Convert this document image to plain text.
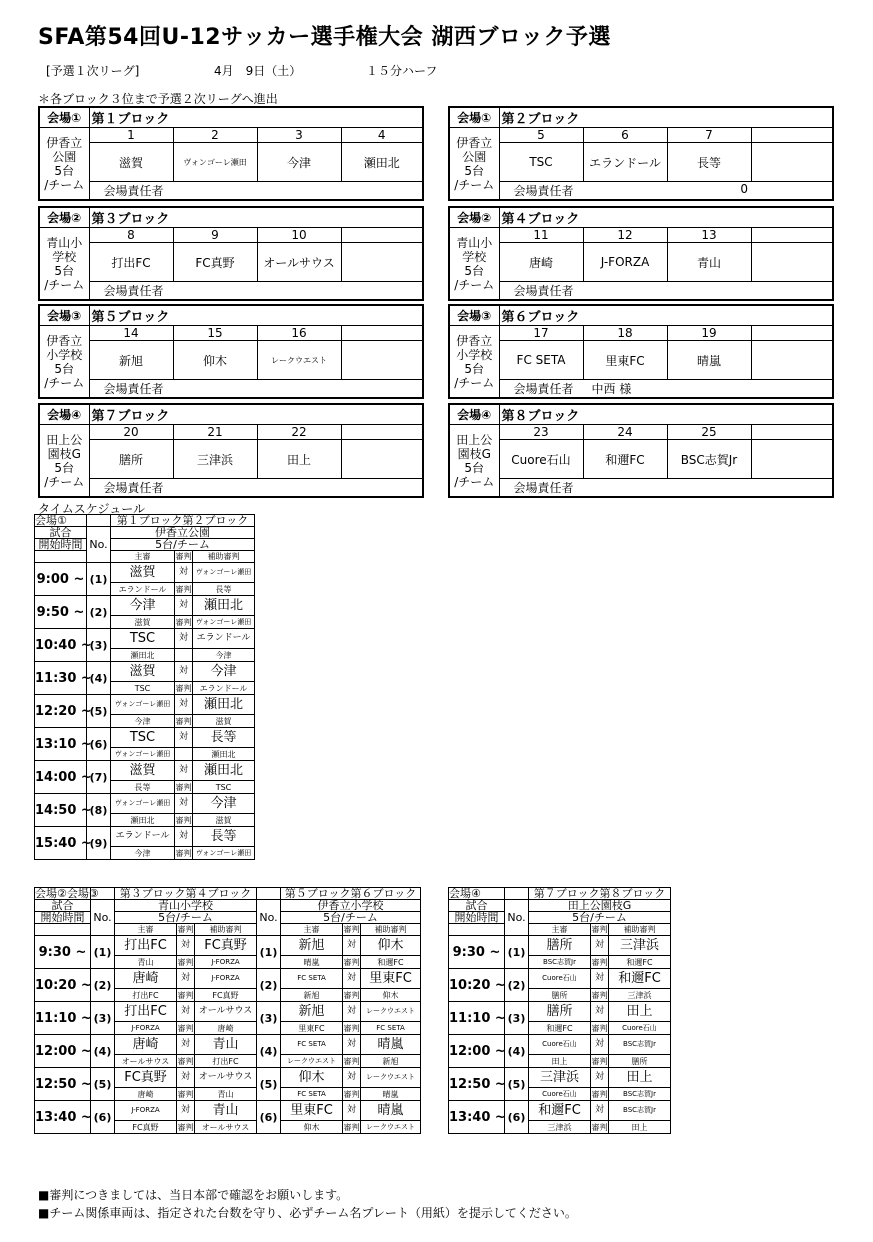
SFA第54回U-12サッカー選手権大会 湖西ブロック予選
[予選１次リーグ]	4月　9日（土）	１５分ハーフ
＊各ブロック３位まで予選２次リーグへ進出
会場①	第１ブロック			

伊香立
公園
5台
/チーム	1	2	3	4
	滋賀	ヴォンゴーレ瀬田	今津	瀬田北
	会場責任者			
会場①	第２ブロック			

伊香立
公園
5台
/チーム	5	6	7	
	TSC	エランドール	長等	
	会場責任者 0			
会場②	第３ブロック			

青山小
学校
5台
/チーム	8	9	10	
	打出FC	FC真野	オールサウス	
	会場責任者			
会場②	第４ブロック			

青山小
学校
5台
/チーム	11	12	13	
	唐崎	J-FORZA	青山	
	会場責任者			
会場③	第５ブロック			

伊香立
小学校
5台
/チーム	14	15	16	
	新旭	仰木	レークウエスト	
	会場責任者			
会場③	第６ブロック			

伊香立
小学校
5台
/チーム	17	18	19	
	FC SETA	里東FC	晴嵐	
	会場責任者 中西 様			
会場④	第７ブロック			

田上公
園枝G
5台
/チーム	20	21	22	
	膳所	三津浜	田上	
	会場責任者			
会場④	第８ブロック			

田上公
園枝G
5台
/チーム	23	24	25	
	Cuore石山	和邇FC	BSC志賀Jr	
	会場責任者			
タイムスケジュール
会場①		第１ブロック第２ブロック		
試合	No.	伊香立公園		
開始時間		5台/チーム		
		主審	審判	補助審判
9:00 ~	(1)	滋賀	対	ヴォンゴーレ瀬田
		エランドール	審判	長等
9:50 ~	(2)	今津	対	瀬田北
		滋賀	審判	ヴォンゴーレ瀬田
10:40 ~	(3)	TSC	対	エランドール
		瀬田北		今津
11:30 ~	(4)	滋賀	対	今津
		TSC	審判	エランドール
12:20 ~	(5)	ヴォンゴーレ瀬田	対	瀬田北
		今津	審判	滋賀
13:10 ~	(6)	TSC	対	長等
		ヴォンゴーレ瀬田		瀬田北
14:00 ~	(7)	滋賀	対	瀬田北
		長等	審判	TSC
14:50 ~	(8)	ヴォンゴーレ瀬田	対	今津
		瀬田北	審判	滋賀
15:40 ~	(9)	エランドール	対	長等
		今津	審判	ヴォンゴーレ瀬田
会場②会場③		第３ブロック第４ブロック				第５ブロック第６ブロック		
試合	No.	青山小学校			No.	伊香立小学校		
開始時間		5台/チーム				5台/チーム		
		主審	審判	補助審判		主審	審判	補助審判
9:30 ~	(1)	打出FC	対	FC真野	(1)	新旭	対	仰木
		青山	審判	J-FORZA		晴嵐	審判	和邇FC
10:20 ~	(2)	唐崎	対	J-FORZA	(2)	FC SETA	対	里東FC
		打出FC	審判	FC真野		新旭	審判	仰木
11:10 ~	(3)	打出FC	対	オールサウス	(3)	新旭	対	レークウエスト
		J-FORZA	審判	唐崎		里東FC	審判	FC SETA
12:00 ~	(4)	唐崎	対	青山	(4)	FC SETA	対	晴嵐
		オールサウス	審判	打出FC		レークウエスト	審判	新旭
12:50 ~	(5)	FC真野	対	オールサウス	(5)	仰木	対	レークウエスト
		唐崎	審判	青山		FC SETA	審判	晴嵐
13:40 ~	(6)	J-FORZA	対	青山	(6)	里東FC	対	晴嵐
		FC真野	審判	オールサウス		仰木	審判	レークウエスト
会場④		第７ブロック第８ブロック		
試合	No.	田上公園枝G		
開始時間		5台/チーム		
		主審	審判	補助審判
9:30 ~	(1)	膳所	対	三津浜
		BSC志賀Jr	審判	和邇FC
10:20 ~	(2)	Cuore石山	対	和邇FC
		膳所	審判	三津浜
11:10 ~	(3)	膳所	対	田上
		和邇FC	審判	Cuore石山
12:00 ~	(4)	Cuore石山	対	BSC志賀Jr
		田上	審判	膳所
12:50 ~	(5)	三津浜	対	田上
		Cuore石山	審判	BSC志賀Jr
13:40 ~	(6)	和邇FC	対	BSC志賀Jr
		三津浜	審判	田上
■審判につきましては、当日本部で確認をお願いします。
■チーム関係車両は、指定された台数を守り、必ずチーム名プレート（用紙）を提示してください。
